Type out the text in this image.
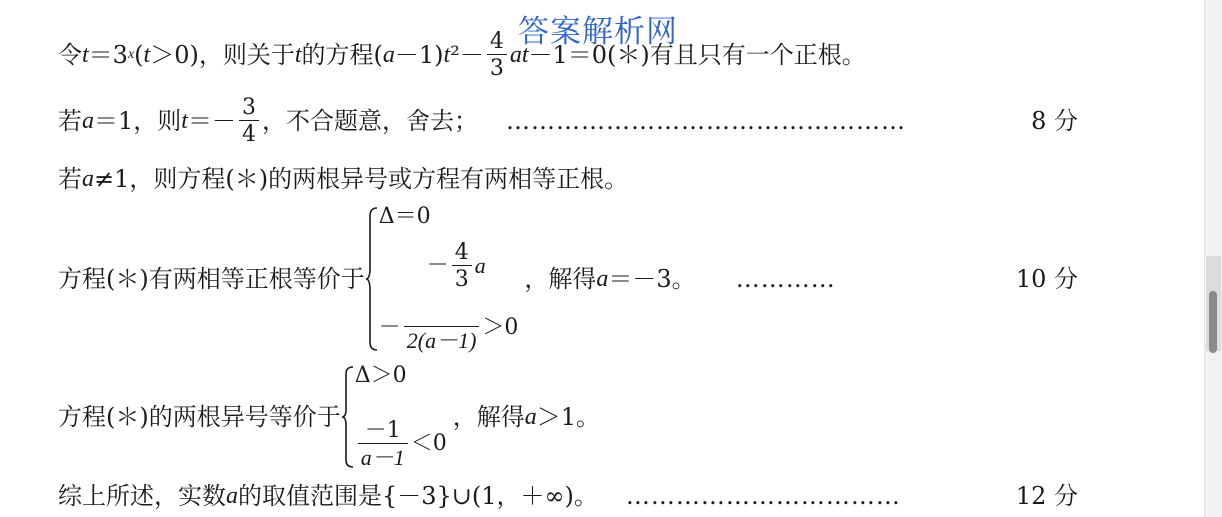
答案解析网
令 t ＝3 x ( t ＞0)，则关于 t 的方程( a －1) t $^2- \frac{4}{3}$ at －1＝0(＊)有且只有一个正根。
若 a ＝1，则 $t =- \frac{3}{4}$ ，不合题意，舍去； …………………………………………	8 分
若 a ≠1，则方程(＊)的两根异号或方程有两相等正根。
方程(＊)有两相等正根等价于
Δ＝0
－ $\frac{4}{3}$ a
－ 2(a－1) ＞0
，解得 a ＝－3。 …………	10 分
方程(＊)的两根异号等价于
Δ＞0
$\frac{-1}{a-1} <0$
，解得 a ＞1。
综上所述，实数 a 的取值范围是{－3}∪(1，＋∞)。 ……………………………	12 分
